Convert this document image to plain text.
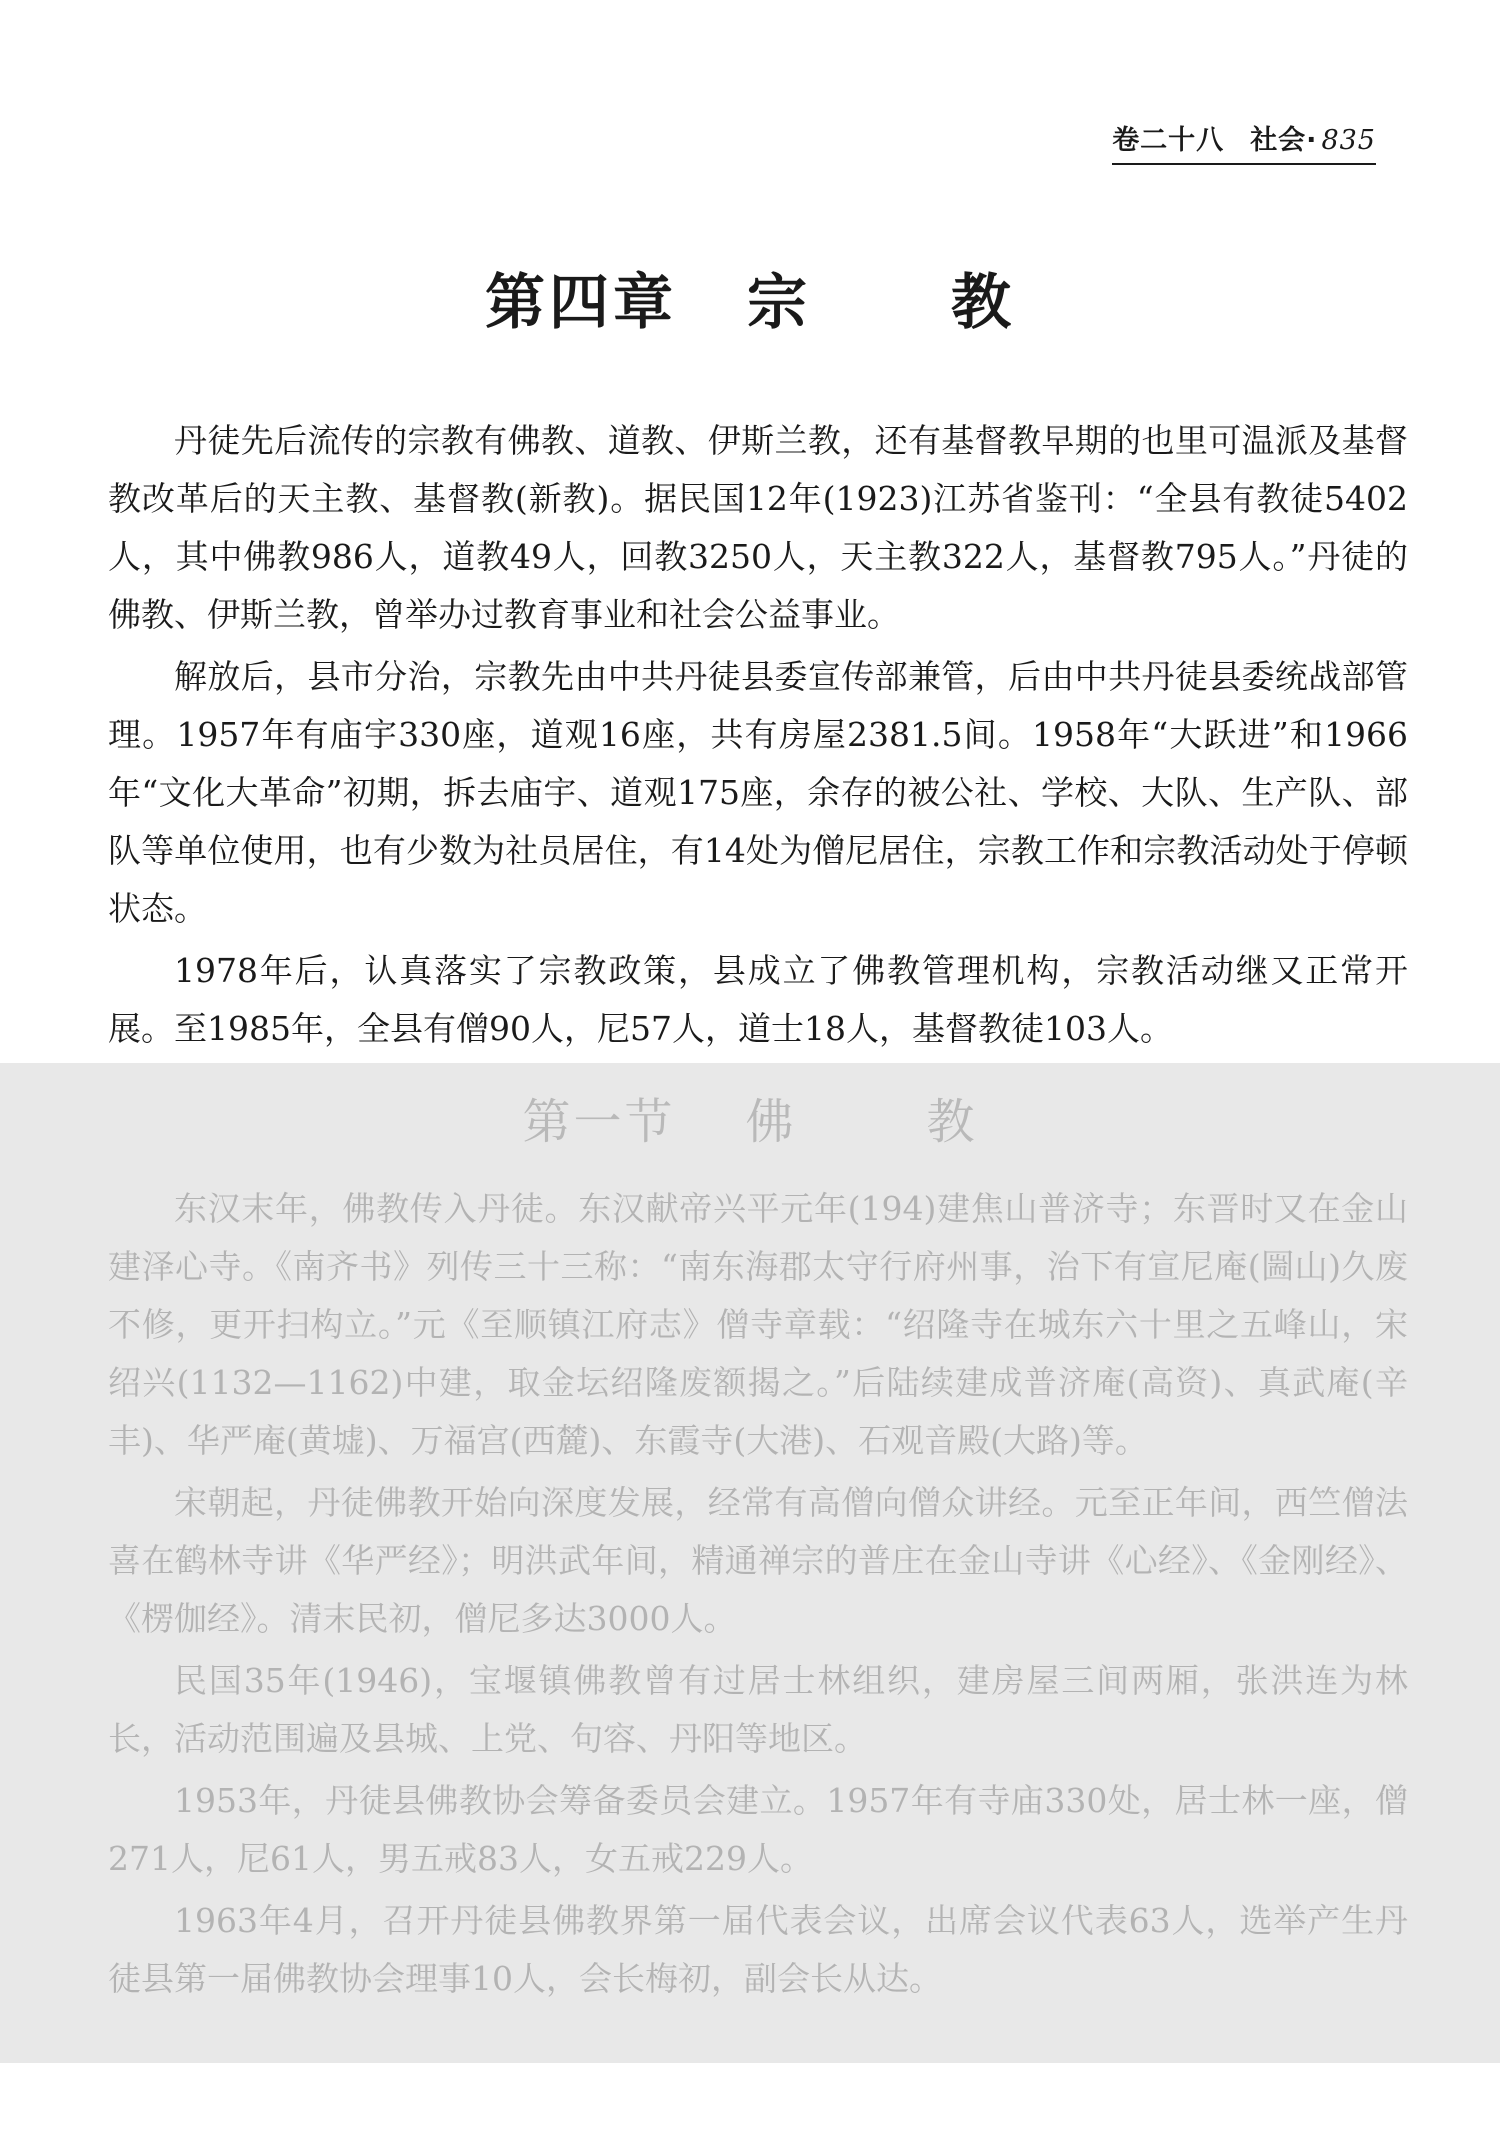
卷二十八 社会· 835
第四章 宗 教

丹徒先后流传的宗教有佛教、道教、伊斯兰教，还有基督教早期的也里可温派及基督教改革后的天主教、基督教(新教)。据民国12年(1923)江苏省鉴刊：“全县有教徒5402人，其中佛教986人，道教49人，回教3250人，天主教322人，基督教795人。”丹徒的佛教、伊斯兰教，曾举办过教育事业和社会公益事业。

解放后，县市分治，宗教先由中共丹徒县委宣传部兼管，后由中共丹徒县委统战部管理。1957年有庙宇330座，道观16座，共有房屋2381.5间。1958年“大跃进”和1966年“文化大革命”初期，拆去庙宇、道观175座，余存的被公社、学校、大队、生产队、部队等单位使用，也有少数为社员居住，有14处为僧尼居住，宗教工作和宗教活动处于停顿状态。

1978年后，认真落实了宗教政策，县成立了佛教管理机构，宗教活动继又正常开展。至1985年，全县有僧90人，尼57人，道士18人，基督教徒103人。

第一节 佛	教

东汉末年，佛教传入丹徒。东汉献帝兴平元年(194)建焦山普济寺；东晋时又在金山建泽心寺。《南齐书》列传三十三称：“南东海郡太守行府州事，治下有宣尼庵(圌山)久废不修，更开扫构立。”元《至顺镇江府志》僧寺章载：“绍隆寺在城东六十里之五峰山，宋绍兴(1132—1162)中建，取金坛绍隆废额揭之。”后陆续建成普济庵(高资)、真武庵(辛丰)、华严庵(黄墟)、万福宫(西麓)、东霞寺(大港)、石观音殿(大路)等。

宋朝起，丹徒佛教开始向深度发展，经常有高僧向僧众讲经。元至正年间，西竺僧法喜在鹤林寺讲《华严经》；明洪武年间，精通禅宗的普庄在金山寺讲《心经》、《金刚经》、《楞伽经》。清末民初，僧尼多达3000人。

民国35年(1946)，宝堰镇佛教曾有过居士林组织，建房屋三间两厢，张洪连为林长，活动范围遍及县城、上党、句容、丹阳等地区。

1953年，丹徒县佛教协会筹备委员会建立。1957年有寺庙330处，居士林一座，僧271人，尼61人，男五戒83人，女五戒229人。

1963年4月，召开丹徒县佛教界第一届代表会议，出席会议代表63人，选举产生丹徒县第一届佛教协会理事10人，会长梅初，副会长从达。
